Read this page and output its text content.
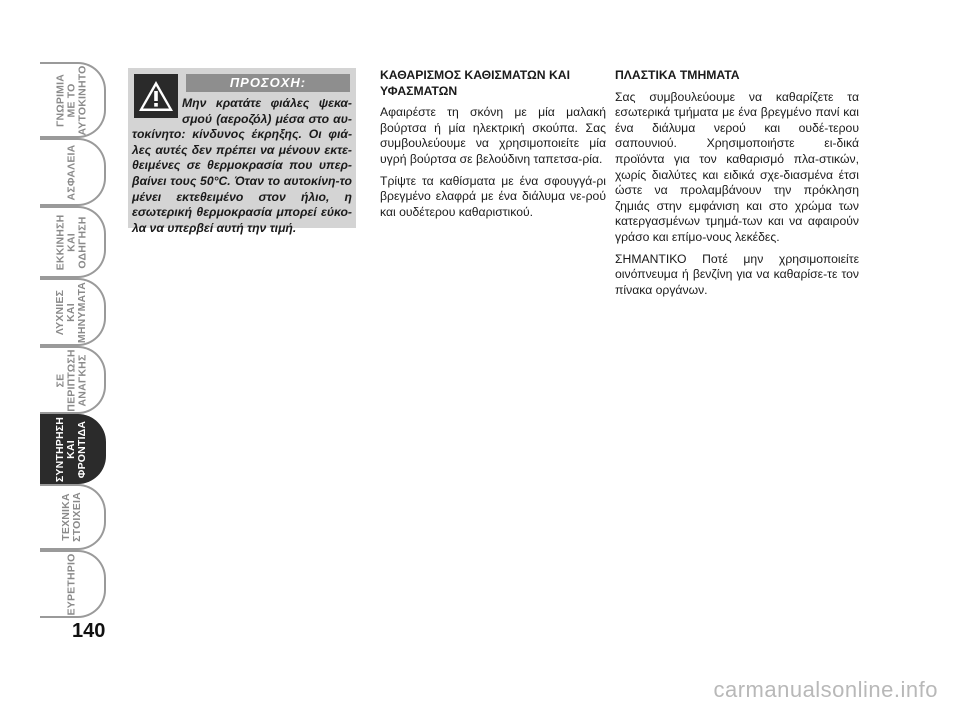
ΓΝΩΡΙΜΙΑ
ΜΕ ΤΟ
ΑΥΤΟΚΙΝΗΤΟ
ΑΣΦΑΛΕΙΑ
ΕΚΚΙΝΗΣΗ
ΚΑΙ
ΟΔΗΓΗΣΗ
ΛΥΧΝΙΕΣ
ΚΑΙ
ΜΗΝΥΜΑΤΑ
ΣΕ
ΠΕΡΙΠΤΩΣΗ
ΑΝΑΓΚΗΣ
ΣΥΝΤΗΡΗΣΗ
ΚΑΙ
ΦΡΟΝΤΙΔΑ
ΤΕΧΝΙΚΑ
ΣΤΟΙΧΕΙΑ
ΕΥΡΕΤΗΡΙΟ
140
ΠΡΟΣΟΧΗ:
Μην κρατάτε φιάλες ψεκα-σμού (αεροζόλ) μέσα στο αυ-τοκίνητο: κίνδυνος έκρηξης. Οι φιά-λες αυτές δεν πρέπει να μένουν εκτε-θειμένες σε θερμοκρασία που υπερ-βαίνει τους 50°C. Όταν το αυτοκίνη-το μένει εκτεθειμένο στον ήλιο, η εσωτερική θερμοκρασία μπορεί εύκο-λα να υπερβεί αυτή την τιμή.
ΚΑΘΑΡΙΣΜΟΣ ΚΑΘΙΣΜΑΤΩΝ ΚΑΙ ΥΦΑΣΜΑΤΩΝ

Αφαιρέστε τη σκόνη με μία μαλακή βούρτσα ή μία ηλεκτρική σκούπα. Σας συμβουλεύουμε να χρησιμοποιείτε μία υγρή βούρτσα σε βελούδινη ταπετσα-ρία.

Τρίψτε τα καθίσματα με ένα σφουγγά-ρι βρεγμένο ελαφρά με ένα διάλυμα νε-ρού και ουδέτερου καθαριστικού.

ΠΛΑΣΤΙΚΑ ΤΜΗΜΑΤΑ

Σας συμβουλεύουμε να καθαρίζετε τα εσωτερικά τμήματα με ένα βρεγμένο πανί και ένα διάλυμα νερού και ουδέ-τερου σαπουνιού. Χρησιμοποιήστε ει-δικά προϊόντα για τον καθαρισμό πλα-στικών, χωρίς διαλύτες και ειδικά σχε-διασμένα έτσι ώστε να προλαμβάνουν την πρόκληση ζημιάς στην εμφάνιση και στο χρώμα των κατεργασμένων τμημά-των και να αφαιρούν γράσο και επίμο-νους λεκέδες.

ΣΗΜΑΝΤΙΚΟ Ποτέ μην χρησιμοποιείτε οινόπνευμα ή βενζίνη για να καθαρίσε-τε τον πίνακα οργάνων.

carmanualsonline.info
